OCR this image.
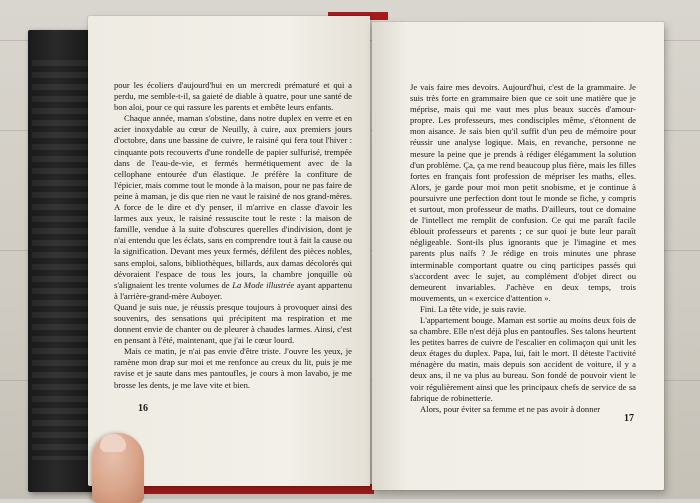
pour les écoliers d'aujourd'hui en un mercredi prématuré et qui a perdu, me semble-t-il, sa gaieté de diable à quatre, pour une santé de bon aloi, pour ce qui rassure les parents et embête leurs enfants.

Chaque année, maman s'obstine, dans notre duplex en verre et en acier inoxydable au cœur de Neuilly, à cuire, aux premiers jours d'octobre, dans une bassine de cuivre, le raisiné qui fera tout l'hiver : cinquante pots recouverts d'une rondelle de papier sulfurisé, trempée dans de l'eau-de-vie, et fermés hermétiquement avec de la cellophane entourée d'un élastique. Je préfère la confiture de l'épicier, mais comme tout le monde à la maison, pour ne pas faire de peine à maman, je dis que rien ne vaut le raisiné de nos grand-mères. A force de le dire et d'y penser, il m'arrive en classe d'avoir les larmes aux yeux, le raisiné ressuscite tout le reste : la maison de famille, vendue à la suite d'obscures querelles d'indivision, dont je n'ai entendu que les éclats, sans en comprendre tout à fait la cause ou la signification. Devant mes yeux fermés, défilent des pièces nobles, sans emploi, salons, bibliothèques, billards, aux damas décolorés qui dévoraient l'espace de tous les jours, la chambre jonquille où s'alignaient les trente volumes de La Mode illustrée ayant appartenu à l'arrière-grand-mère Auboyer.

Quand je suis nue, je réussis presque toujours à provoquer ainsi des souvenirs, des sensations qui précipitent ma respiration et me donnent envie de chanter ou de pleurer à chaudes larmes. Ainsi, c'est en pensant à l'été, maintenant, que j'ai le cœur lourd.

Mais ce matin, je n'ai pas envie d'être triste. J'ouvre les yeux, je ramène mon drap sur moi et me renfonce au creux du lit, puis je me ravise et je saute dans mes pantoufles, je cours à mon lavabo, je me brosse les dents, je me lave vite et bien.

16

Je vais faire mes devoirs. Aujourd'hui, c'est de la grammaire. Je suis très forte en grammaire bien que ce soit une matière que je méprise, mais qui me vaut mes plus beaux succès d'amour-propre. Les professeurs, mes condisciples même, s'étonnent de mon aisance. Je sais bien qu'il suffit d'un peu de mémoire pour réussir une analyse logique. Mais, en revanche, personne ne mesure la peine que je prends à rédiger élégamment la solution d'un problème. Ça, ça me rend beaucoup plus fière, mais les filles fortes en français font profession de mépriser les maths, elles. Alors, je garde pour moi mon petit snobisme, et je continue à poursuivre une perfection dont tout le monde se fiche, y compris et surtout, mon professeur de maths. D'ailleurs, tout ce domaine de l'intellect me remplit de confusion. Ce qui me paraît facile éblouit professeurs et parents ; ce sur quoi je bute leur paraît négligeable. Sont-ils plus ignorants que je l'imagine et mes parents plus naïfs ? Je rédige en trois minutes une phrase interminable comportant quatre ou cinq participes passés qui s'accordent avec le sujet, au complément d'objet direct ou demeurent invariables. J'achève en deux temps, trois mouvements, un « exercice d'attention ».

Fini. La tête vide, je suis ravie.

L'appartement bouge. Maman est sortie au moins deux fois de sa chambre. Elle n'est déjà plus en pantoufles. Ses talons heurtent les petites barres de cuivre de l'escalier en colimaçon qui unit les deux étages du duplex. Papa, lui, fait le mort. Il déteste l'activité ménagère du matin, mais depuis son accident de voiture, il y a deux ans, il ne va plus au bureau. Son fondé de pouvoir vient le voir régulièrement ainsi que les principaux chefs de service de sa fabrique de robinetterie.

Alors, pour éviter sa femme et ne pas avoir à donner

17
